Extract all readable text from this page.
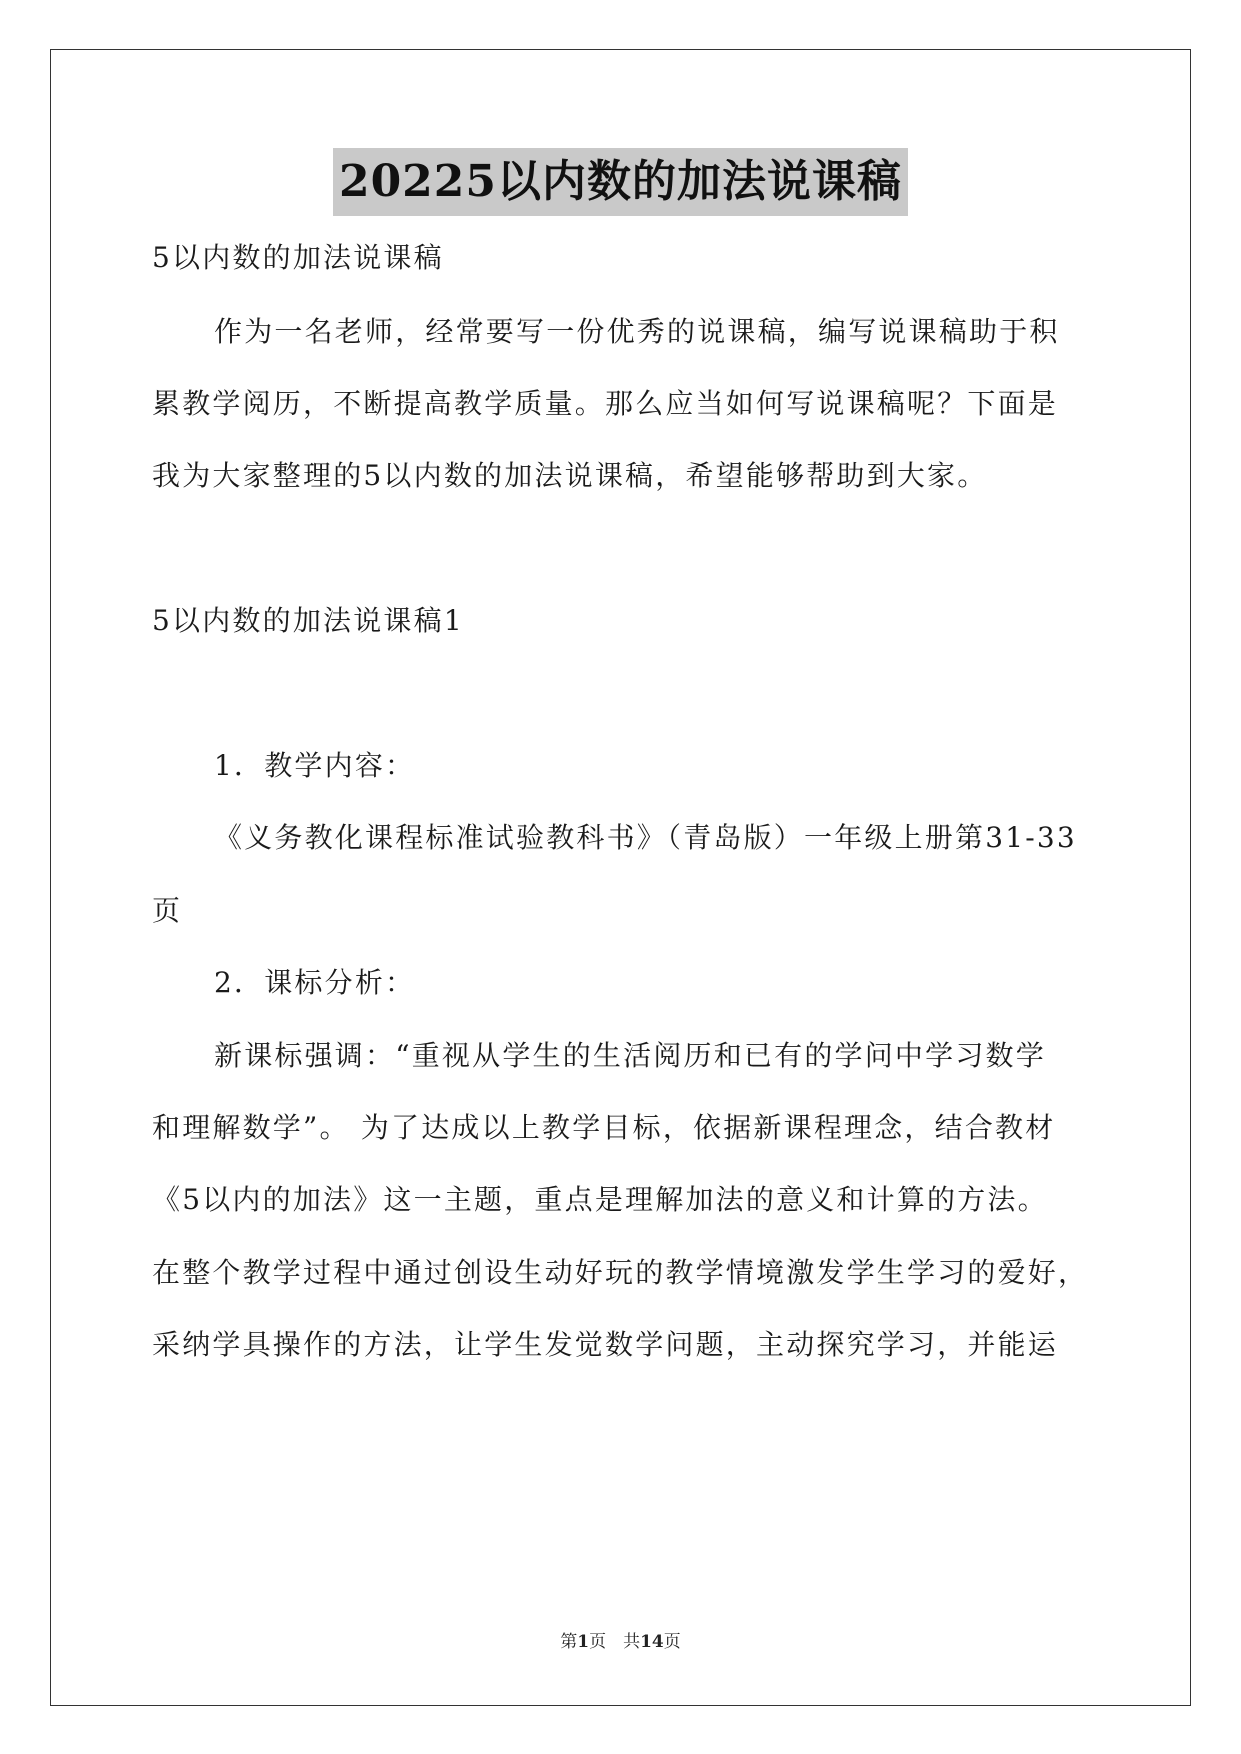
20225以内数的加法说课稿
5以内数的加法说课稿
作为一名老师，经常要写一份优秀的说课稿，编写说课稿助于积
累教学阅历，不断提高教学质量。那么应当如何写说课稿呢？下面是
我为大家整理的5以内数的加法说课稿，希望能够帮助到大家。
5以内数的加法说课稿1
1．教学内容：
《义务教化课程标准试验教科书》（青岛版）一年级上册第31-33
页
2．课标分析：
新课标强调：“重视从学生的生活阅历和已有的学问中学习数学
和理解数学”。 为了达成以上教学目标，依据新课程理念，结合教材
《5以内的加法》这一主题，重点是理解加法的意义和计算的方法。
在整个教学过程中通过创设生动好玩的教学情境激发学生学习的爱好，
采纳学具操作的方法，让学生发觉数学问题，主动探究学习，并能运
第1页　共14页
